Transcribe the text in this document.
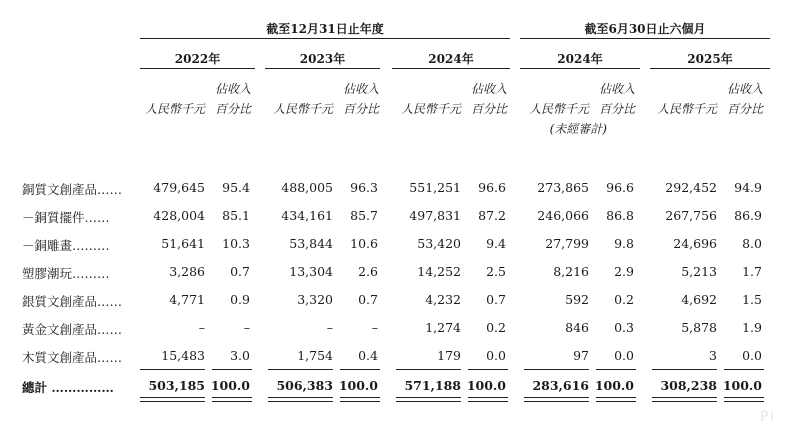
截至12月31日止年度	截至6月30日止六個月
2022年	2023年	2024年	2024年	2025年
佔收入	佔收入	佔收入	佔收入	佔收入
人民幣千元 百分比	人民幣千元 百分比	人民幣千元 百分比	人民幣千元 百分比	人民幣千元 百分比
(未經審計)
銅質文創產品……	479,645	95.4	488,005	96.3	551,251	96.6	273,865	96.6	292,452	94.9
－銅質擺件……	428,004	85.1	434,161	85.7	497,831	87.2	246,066	86.8	267,756	86.9
－銅雕畫………	51,641	10.3	53,844	10.6	53,420	9.4	27,799	9.8	24,696	8.0
塑膠潮玩………	3,286	0.7	13,304	2.6	14,252	2.5	8,216	2.9	5,213	1.7
銀質文創產品……	4,771	0.9	3,320	0.7	4,232	0.7	592	0.2	4,692	1.5
黃金文創產品……	–	–	–	–	1,274	0.2	846	0.3	5,878	1.9
木質文創產品……	15,483	3.0	1,754	0.4	179	0.0	97	0.0	3	0.0
總計 ……………	503,185 100.0	506,383 100.0	571,188 100.0	283,616 100.0	308,238 100.0
Pi
